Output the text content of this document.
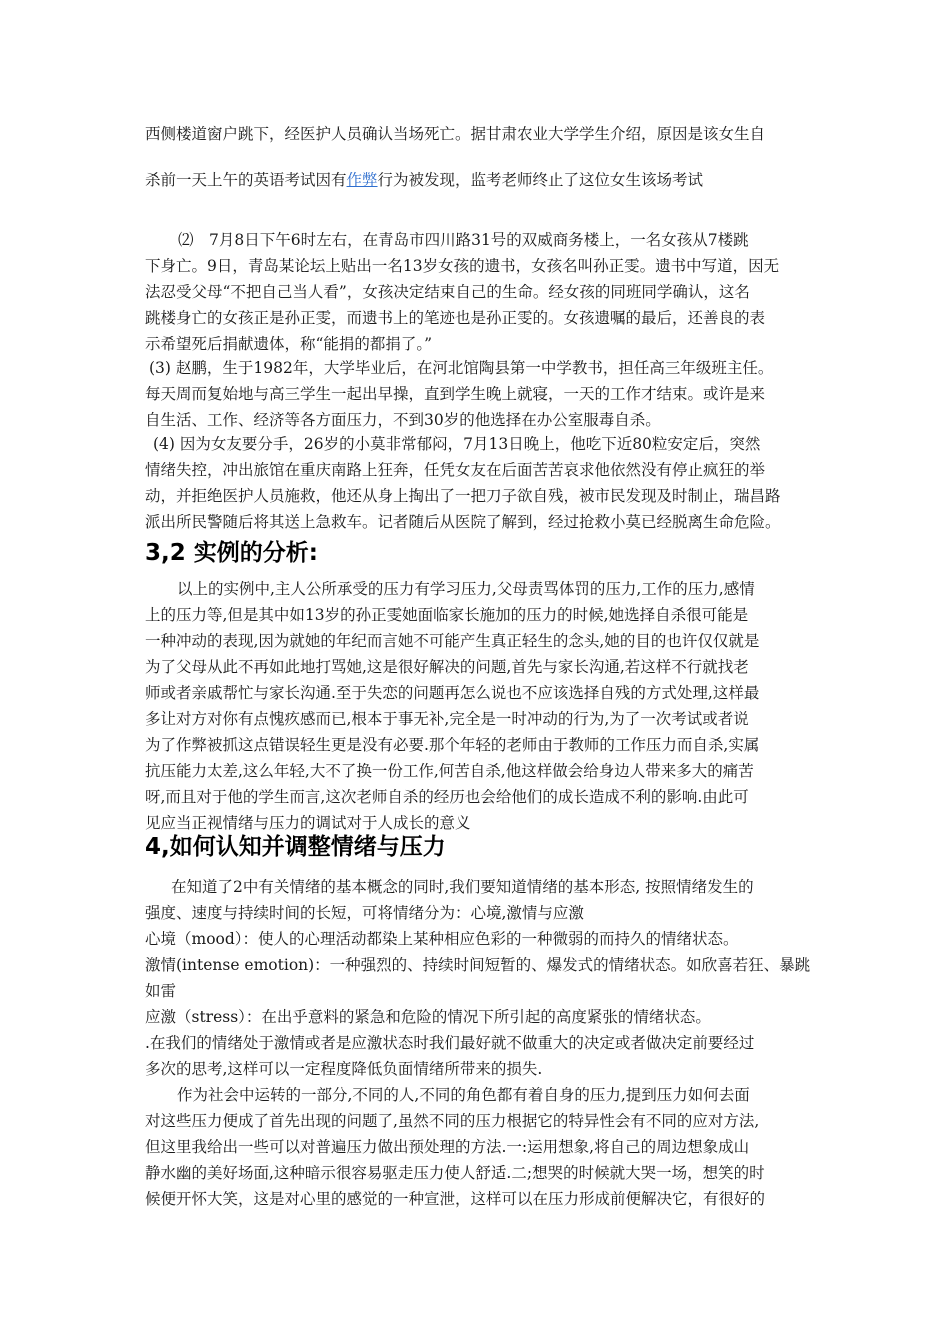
西侧楼道窗户跳下，经医护人员确认当场死亡。据甘肃农业大学学生介绍，原因是该女生自
杀前一天上午的英语考试因有作弊行为被发现，监考老师终止了这位女生该场考试
⑵　7月8日下午6时左右，在青岛市四川路31号的双威商务楼上，一名女孩从7楼跳
下身亡。9日，青岛某论坛上贴出一名13岁女孩的遗书，女孩名叫孙正雯。遗书中写道，因无
法忍受父母“不把自己当人看”，女孩决定结束自己的生命。经女孩的同班同学确认，这名
跳楼身亡的女孩正是孙正雯，而遗书上的笔迹也是孙正雯的。女孩遗嘱的最后，还善良的表
示希望死后捐献遗体，称“能捐的都捐了。”
(3) 赵鹏，生于1982年，大学毕业后，在河北馆陶县第一中学教书，担任高三年级班主任。
每天周而复始地与高三学生一起出早操，直到学生晚上就寝，一天的工作才结束。或许是来
自生活、工作、经济等各方面压力，不到30岁的他选择在办公室服毒自杀。
(4) 因为女友要分手，26岁的小莫非常郁闷，7月13日晚上，他吃下近80粒安定后，突然
情绪失控，冲出旅馆在重庆南路上狂奔，任凭女友在后面苦苦哀求他依然没有停止疯狂的举
动，并拒绝医护人员施救，他还从身上掏出了一把刀子欲自残，被市民发现及时制止，瑞昌路
派出所民警随后将其送上急救车。记者随后从医院了解到，经过抢救小莫已经脱离生命危险。
3,2 实例的分析:
以上的实例中,主人公所承受的压力有学习压力,父母责骂体罚的压力,工作的压力,感情
上的压力等,但是其中如13岁的孙正雯她面临家长施加的压力的时候,她选择自杀很可能是
一种冲动的表现,因为就她的年纪而言她不可能产生真正轻生的念头,她的目的也许仅仅就是
为了父母从此不再如此地打骂她,这是很好解决的问题,首先与家长沟通,若这样不行就找老
师或者亲戚帮忙与家长沟通.至于失恋的问题再怎么说也不应该选择自残的方式处理,这样最
多让对方对你有点愧疚感而已,根本于事无补,完全是一时冲动的行为,为了一次考试或者说
为了作弊被抓这点错误轻生更是没有必要.那个年轻的老师由于教师的工作压力而自杀,实属
抗压能力太差,这么年轻,大不了换一份工作,何苦自杀,他这样做会给身边人带来多大的痛苦
呀,而且对于他的学生而言,这次老师自杀的经历也会给他们的成长造成不利的影响.由此可
见应当正视情绪与压力的调试对于人成长的意义
4,如何认知并调整情绪与压力
在知道了2中有关情绪的基本概念的同时,我们要知道情绪的基本形态, 按照情绪发生的
强度、速度与持续时间的长短，可将情绪分为：心境,激情与应激
心境（mood）：使人的心理活动都染上某种相应色彩的一种微弱的而持久的情绪状态。
激情(intense emotion)：一种强烈的、持续时间短暂的、爆发式的情绪状态。如欣喜若狂、暴跳
如雷
应激（stress）：在出乎意料的紧急和危险的情况下所引起的高度紧张的情绪状态。
.在我们的情绪处于激情或者是应激状态时我们最好就不做重大的决定或者做决定前要经过
多次的思考,这样可以一定程度降低负面情绪所带来的损失.
作为社会中运转的一部分,不同的人,不同的角色都有着自身的压力,提到压力如何去面
对这些压力便成了首先出现的问题了,虽然不同的压力根据它的特异性会有不同的应对方法,
但这里我给出一些可以对普遍压力做出预处理的方法.一:运用想象,将自己的周边想象成山
静水幽的美好场面,这种暗示很容易驱走压力使人舒适.二;想哭的时候就大哭一场，想笑的时
候便开怀大笑，这是对心里的感觉的一种宣泄，这样可以在压力形成前便解决它，有很好的
